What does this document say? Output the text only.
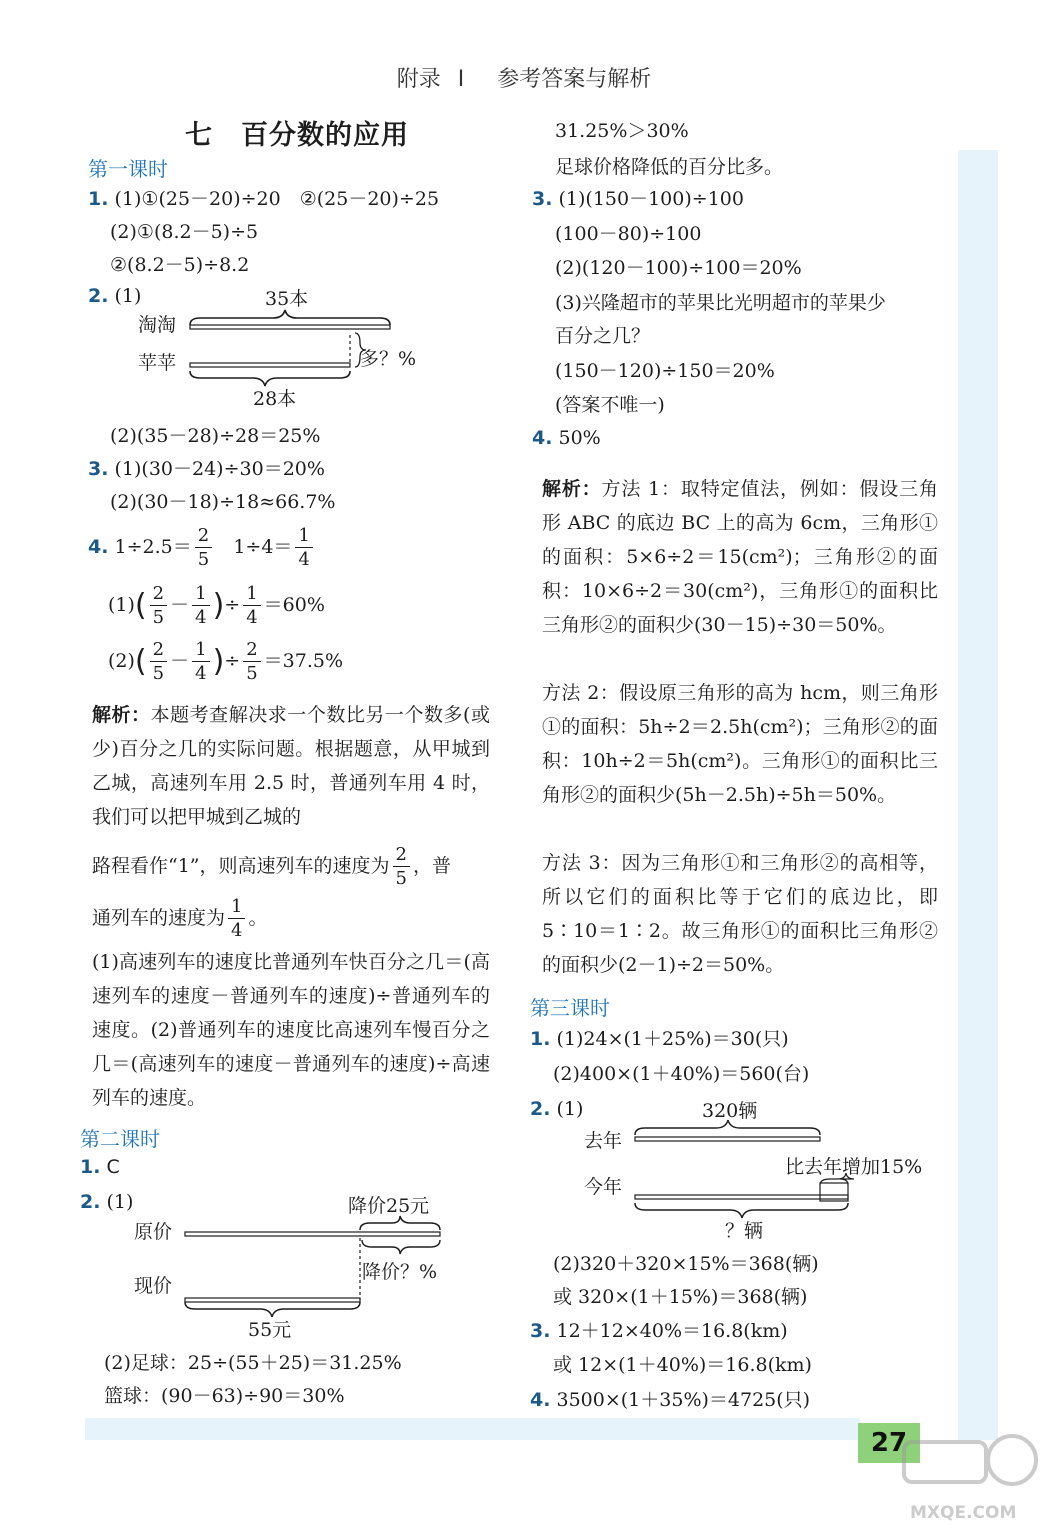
附录 I 参考答案与解析
七 百分数的应用
第一课时
1. (1)①(25－20)÷20　②(25－20)÷25
(2)①(8.2－5)÷5
②(8.2－5)÷8.2
2. (1)	35本
淘淘
多？%
苹苹
28本
(2)(35－28)÷28＝25%
3. (1)(30－24)÷30＝20%
(2)(30－18)÷18≈66.7%
4. $1\div 2.5= \frac{2}{5} 1\div 4= \frac{1}{4}$
$(1)( \frac{2}{5} - \frac{1}{4}$ )÷ $\frac{1}{4} =60\%$
$(2)( \frac{2}{5} - \frac{1}{4}$ )÷ $\frac{2}{5} =37.5\%$
解析：本题考查解决求一个数比另一个数多(或少)百分之几的实际问题。根据题意，从甲城到乙城，高速列车用 2.5 时，普通列车用 4 时，我们可以把甲城到乙城的
路程看作“1”，则高速列车的速度为 $\frac{2}{5}$ ，普
通列车的速度为 $\frac{1}{4}$ 。
(1)高速列车的速度比普通列车快百分之几＝(高速列车的速度－普通列车的速度)÷普通列车的速度。(2)普通列车的速度比高速列车慢百分之几＝(高速列车的速度－普通列车的速度)÷高速列车的速度。
第二课时
1. C
2. (1)	降价25元
原价
降价？%
现价
55元
(2)足球：25÷(55＋25)＝31.25%
篮球：(90－63)÷90＝30%
31.25%＞30%
足球价格降低的百分比多。
3. (1)(150－100)÷100
(100－80)÷100
(2)(120－100)÷100＝20%
(3)兴隆超市的苹果比光明超市的苹果少
百分之几？
(150－120)÷150＝20%
(答案不唯一)
4. 50%
解析：方法 1：取特定值法，例如：假设三角形 ABC 的底边 BC 上的高为 6cm，三角形①的面积：5×6÷2＝15(cm²)；三角形②的面积：10×6÷2＝30(cm²)，三角形①的面积比三角形②的面积少(30－15)÷30＝50%。
方法 2：假设原三角形的高为 hcm，则三角形①的面积：5h÷2＝2.5h(cm²)；三角形②的面积：10h÷2＝5h(cm²)。三角形①的面积比三角形②的面积少(5h－2.5h)÷5h＝50%。
方法 3：因为三角形①和三角形②的高相等，所以它们的面积比等于它们的底边比，即 5∶10＝1∶2。故三角形①的面积比三角形②的面积少(2－1)÷2＝50%。
第三课时
1. (1)24×(1＋25%)＝30(只)
(2)400×(1＋40%)＝560(台)
2. (1)	320辆
去年
比去年增加15%
今年
？辆
(2)320＋320×15%＝368(辆)
或 320×(1＋15%)＝368(辆)
3. 12＋12×40%＝16.8(km)
或 12×(1＋40%)＝16.8(km)
4. 3500×(1＋35%)＝4725(只)
27
MXQE.COM
